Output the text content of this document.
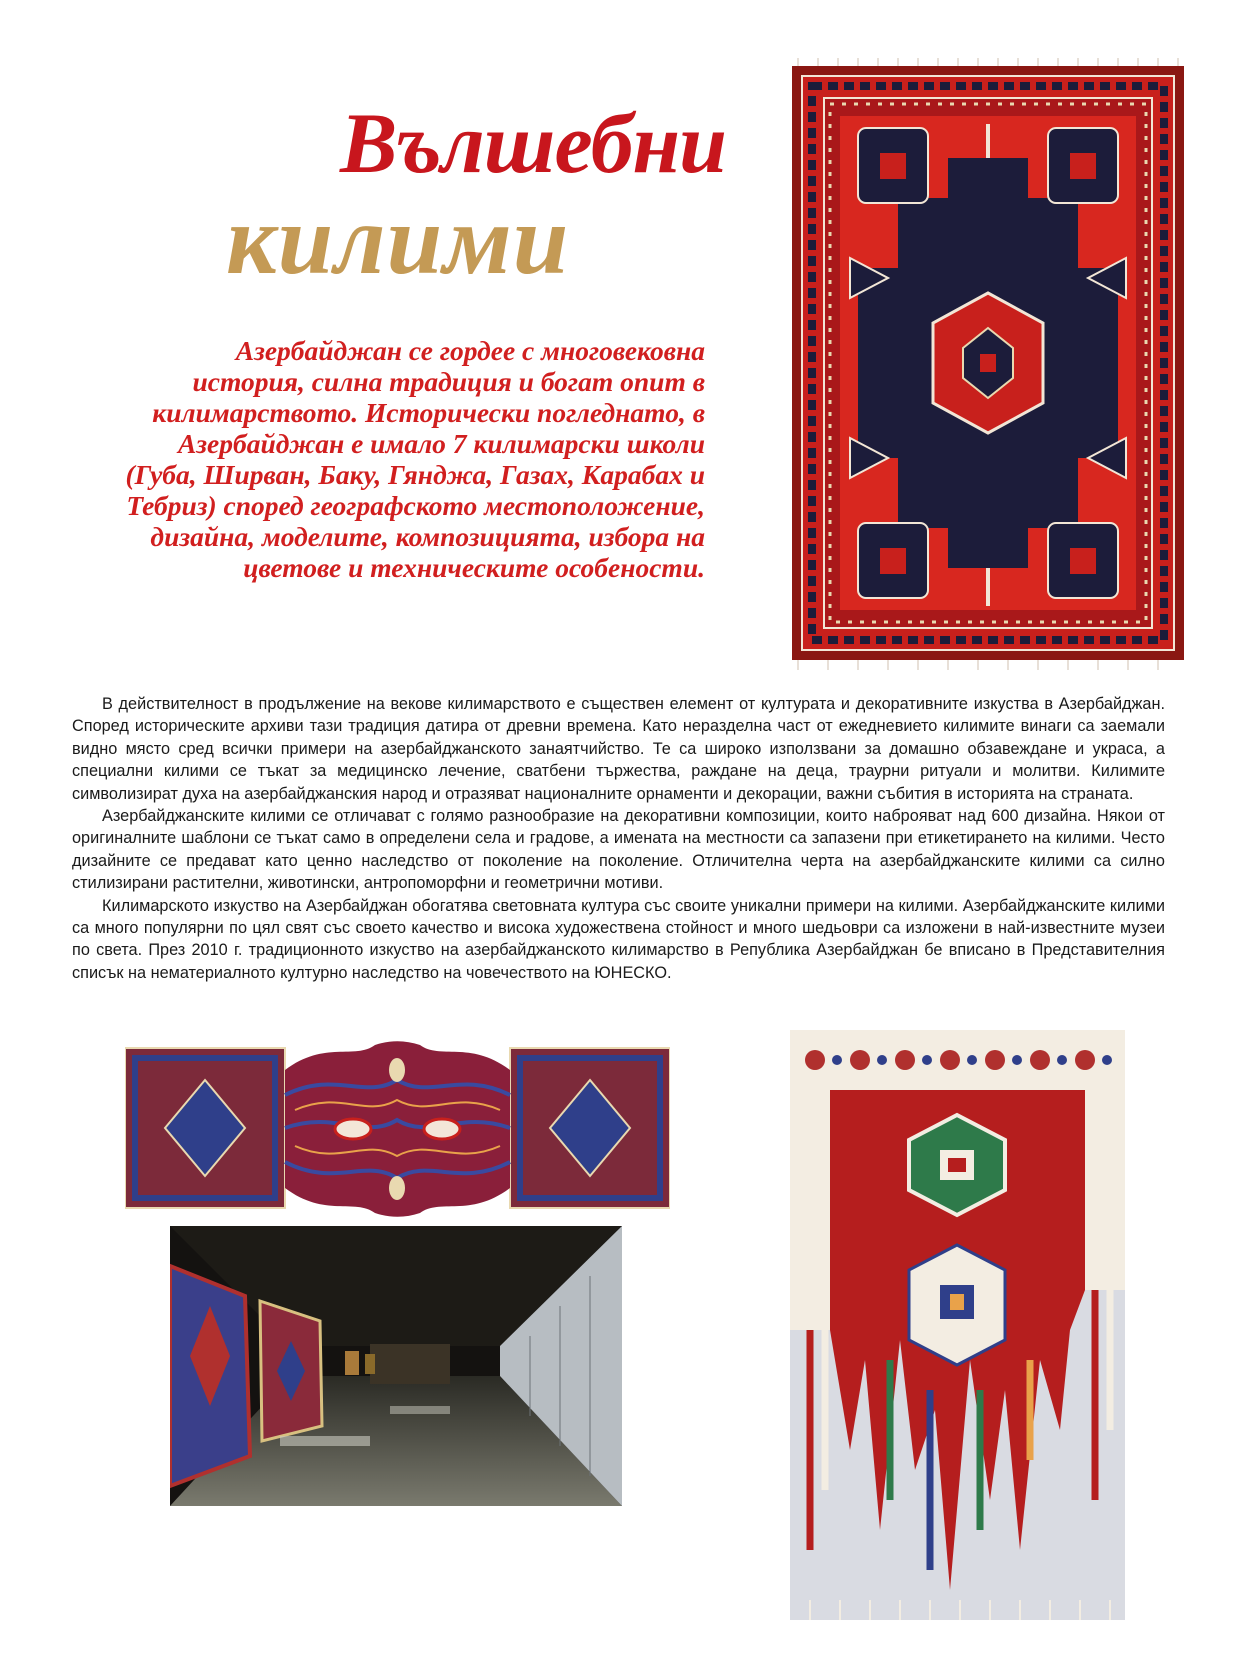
Вълшебни
килими
Азербайджан се гордее с многовековна история, силна традиция и богат опит в килимарството. Исторически погледнато, в Азербайджан е имало 7 килимарски школи (Губа, Ширван, Баку, Гянджа, Газах, Карабах и Тебриз) според географското местоположение, дизайна, моделите, композицията, избора на цветове и техническите особености.

В действителност в продължение на векове килимарството е съществен елемент от културата и декоративните изкуства в Азербайджан. Според историческите архиви тази традиция датира от древни времена. Като неразделна част от ежедневието килимите винаги са заемали видно място сред всички примери на азербайджанското занаятчийство. Те са широко използвани за домашно обзавеждане и украса, а специални килими се тъкат за медицинско лечение, сватбени тържества, раждане на деца, траурни ритуали и молитви. Килимите символизират духа на азербайджанския народ и отразяват националните орнаменти и декорации, важни събития в историята на страната.

Азербайджанските килими се отличават с голямо разнообразие на декоративни композиции, които наброяват над 600 дизайна. Някои от оригиналните шаблони се тъкат само в определени села и градове, а имената на местности са запазени при етикетирането на килими. Често дизайните се предават като ценно наследство от поколение на поколение. Отличителна черта на азербайджанските килими са силно стилизирани растителни, животински, антропоморфни и геометрични мотиви.

Килимарското изкуство на Азербайджан обогатява световната култура със своите уникални примери на килими. Азербайджанските килими са много популярни по цял свят със своето качество и висока художествена стойност и много шедьоври са изложени в най-известните музеи по света. През 2010 г. традиционното изкуство на азербайджанското килимарство в Република Азербайджан бе вписано в Представителния списък на нематериалното културно наследство на човечеството на ЮНЕСКО.
